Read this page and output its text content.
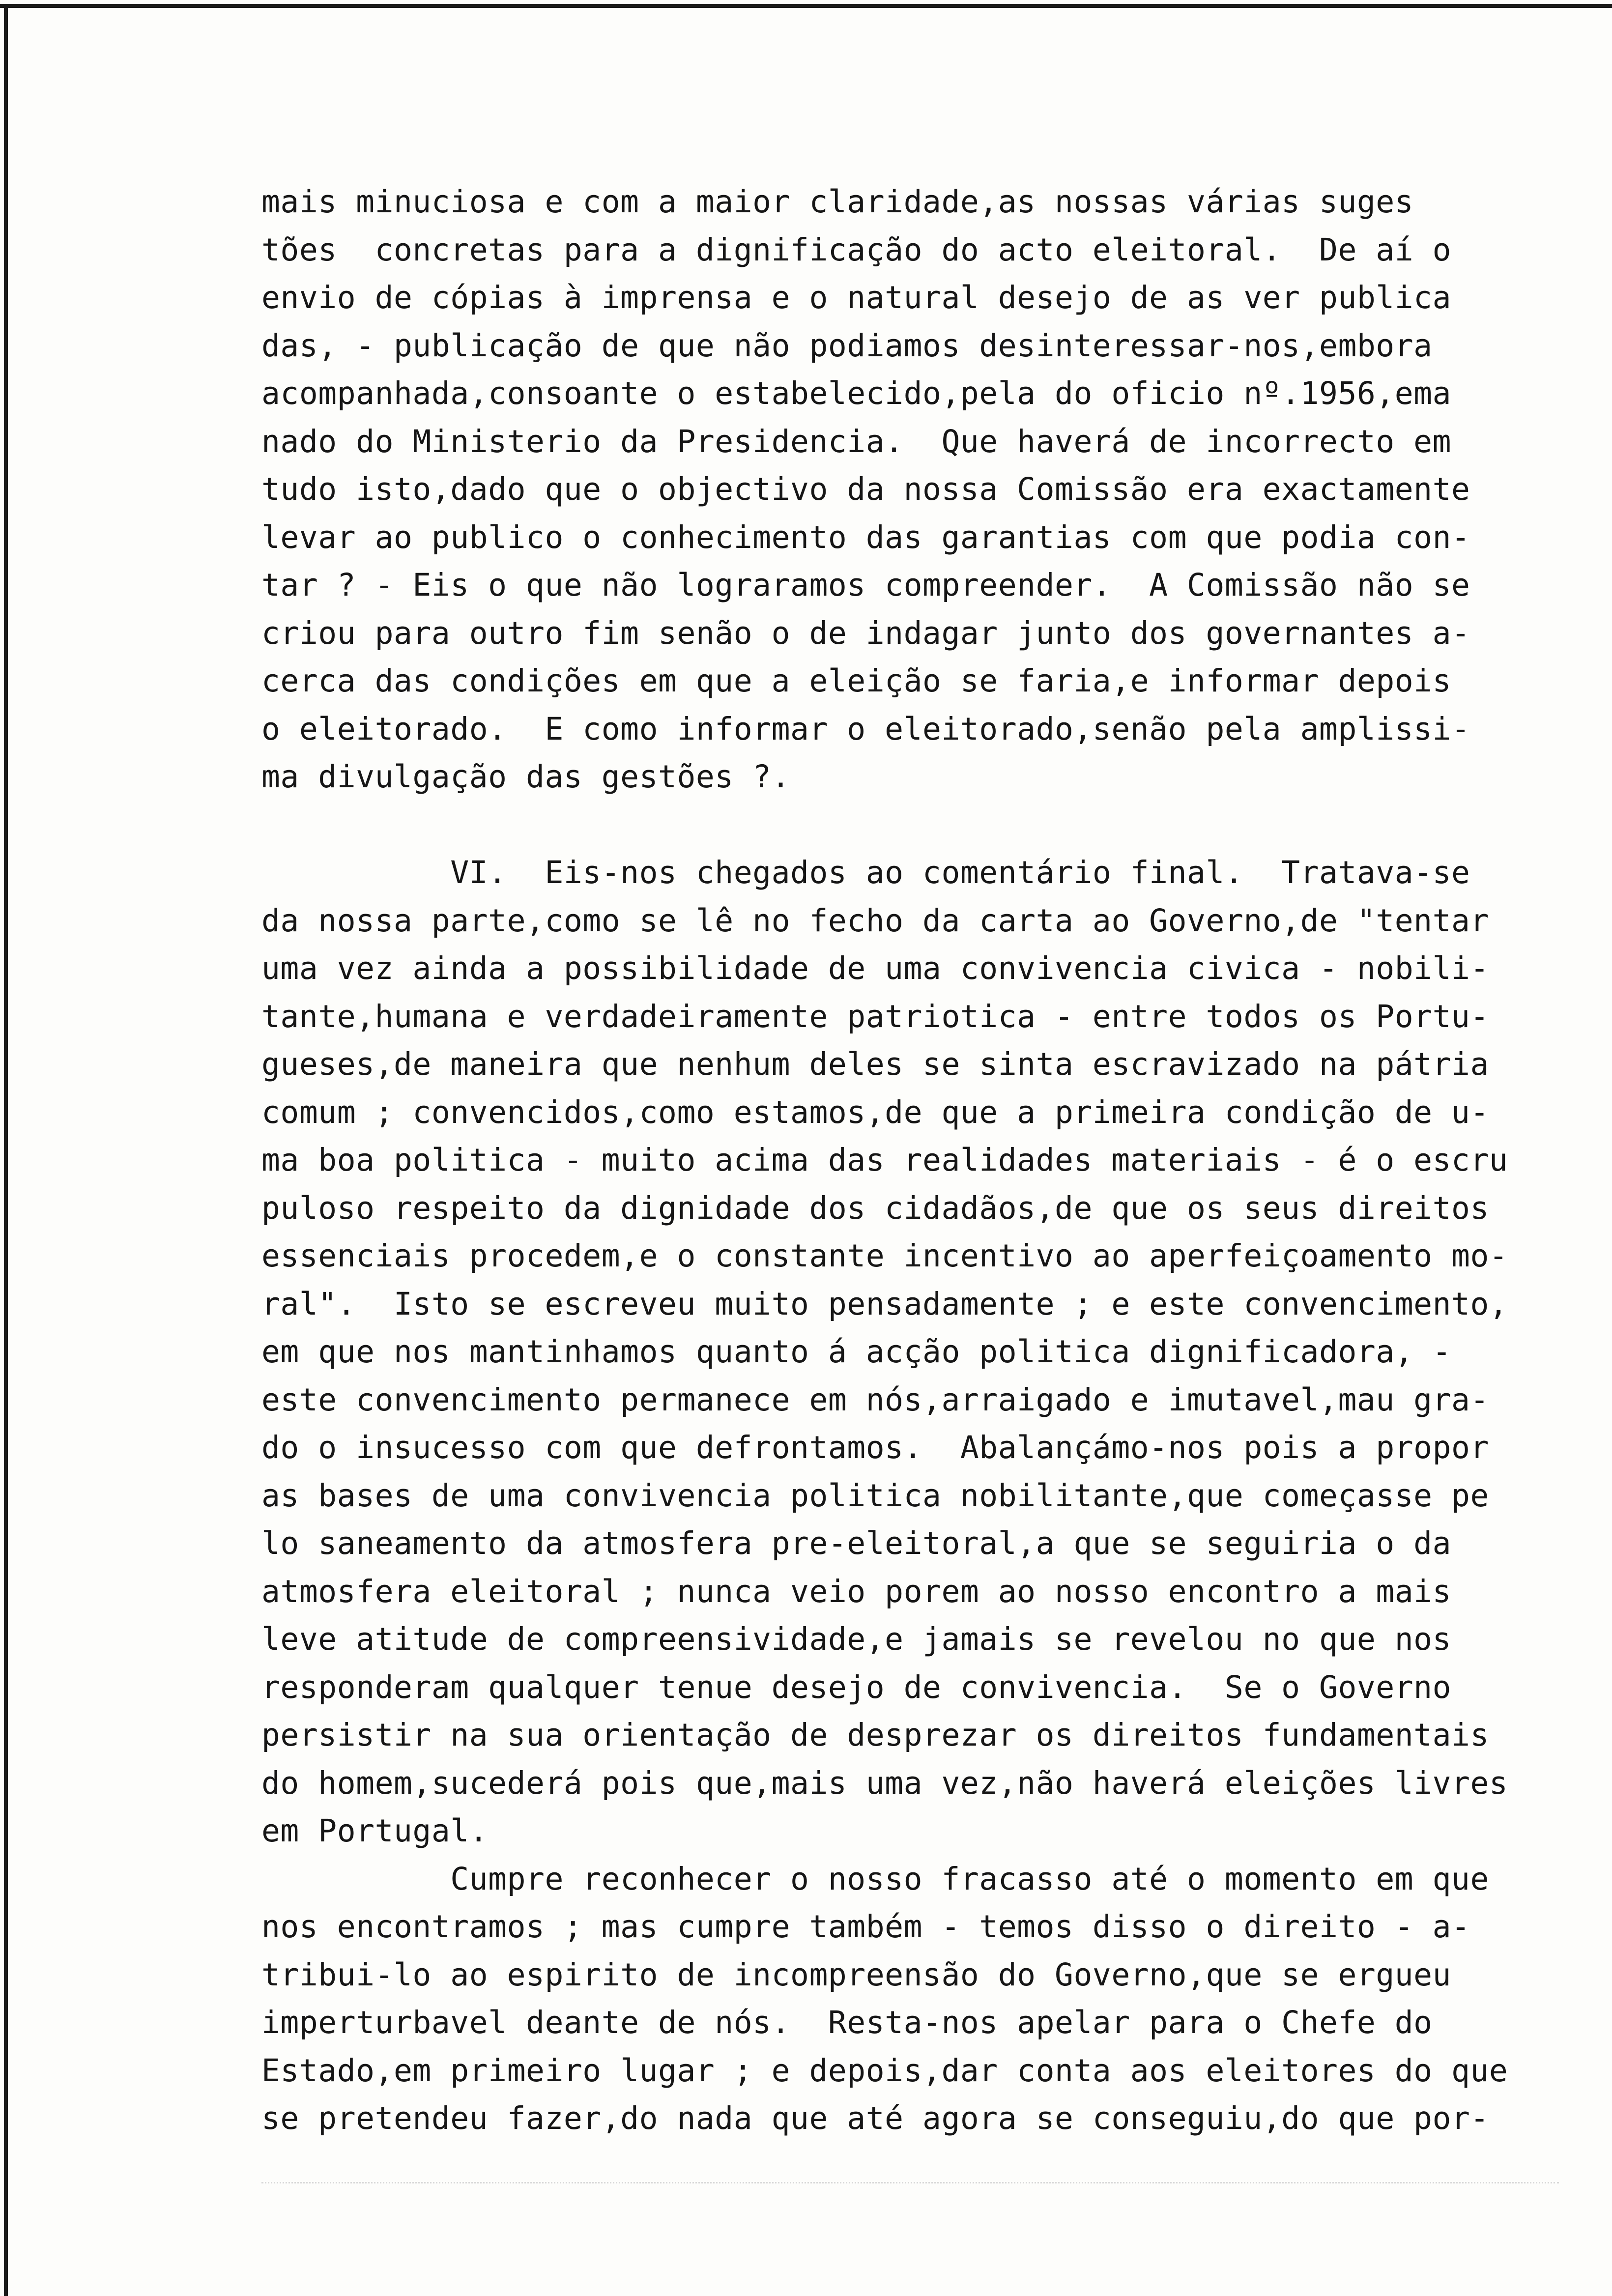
mais minuciosa e com a maior claridade,as nossas várias suges
tões  concretas para a dignificação do acto eleitoral.  De aí o
envio de cópias à imprensa e o natural desejo de as ver publica
das, - publicação de que não podiamos desinteressar-nos,embora
acompanhada,consoante o estabelecido,pela do oficio nº.1956,ema
nado do Ministerio da Presidencia.  Que haverá de incorrecto em
tudo isto,dado que o objectivo da nossa Comissão era exactamente
levar ao publico o conhecimento das garantias com que podia con-
tar ? - Eis o que não lograramos compreender.  A Comissão não se
criou para outro fim senão o de indagar junto dos governantes a-
cerca das condições em que a eleição se faria,e informar depois
o eleitorado.  E como informar o eleitorado,senão pela amplissi-
ma divulgação das gestões ?.
VI.  Eis-nos chegados ao comentário final.  Tratava-se
da nossa parte,como se lê no fecho da carta ao Governo,de "tentar
uma vez ainda a possibilidade de uma convivencia civica - nobili-
tante,humana e verdadeiramente patriotica - entre todos os Portu-
gueses,de maneira que nenhum deles se sinta escravizado na pátria
comum ; convencidos,como estamos,de que a primeira condição de u-
ma boa politica - muito acima das realidades materiais - é o escru
puloso respeito da dignidade dos cidadãos,de que os seus direitos
essenciais procedem,e o constante incentivo ao aperfeiçoamento mo-
ral".  Isto se escreveu muito pensadamente ; e este convencimento,
em que nos mantinhamos quanto á acção politica dignificadora, -
este convencimento permanece em nós,arraigado e imutavel,mau gra-
do o insucesso com que defrontamos.  Abalançámo-nos pois a propor
as bases de uma convivencia politica nobilitante,que começasse pe
lo saneamento da atmosfera pre-eleitoral,a que se seguiria o da
atmosfera eleitoral ; nunca veio porem ao nosso encontro a mais
leve atitude de compreensividade,e jamais se revelou no que nos
responderam qualquer tenue desejo de convivencia.  Se o Governo
persistir na sua orientação de desprezar os direitos fundamentais
do homem,sucederá pois que,mais uma vez,não haverá eleições livres
em Portugal.
Cumpre reconhecer o nosso fracasso até o momento em que
nos encontramos ; mas cumpre também - temos disso o direito - a-
tribui-lo ao espirito de incompreensão do Governo,que se ergueu
imperturbavel deante de nós.  Resta-nos apelar para o Chefe do
Estado,em primeiro lugar ; e depois,dar conta aos eleitores do que
se pretendeu fazer,do nada que até agora se conseguiu,do que por-
